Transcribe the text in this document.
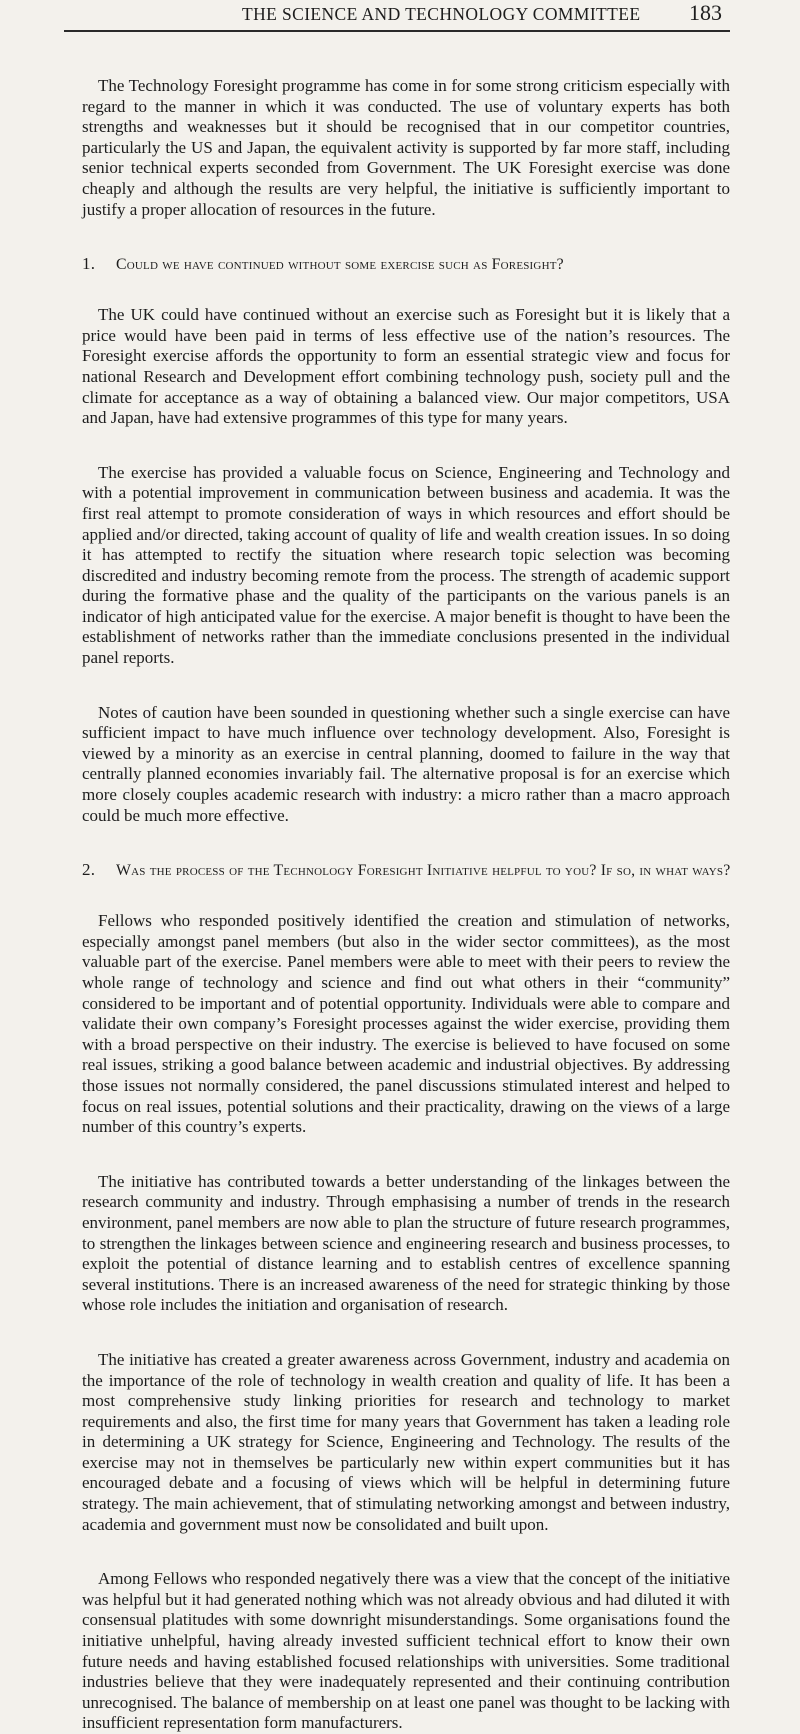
THE SCIENCE AND TECHNOLOGY COMMITTEE 183

The Technology Foresight programme has come in for some strong criticism especially with regard to the manner in which it was conducted. The use of voluntary experts has both strengths and weaknesses but it should be recognised that in our competitor countries, particularly the US and Japan, the equivalent activity is supported by far more staff, including senior technical experts seconded from Government. The UK Foresight exercise was done cheaply and although the results are very helpful, the initiative is sufficiently important to justify a proper allocation of resources in the future.

1. Could we have continued without some exercise such as Foresight?

The UK could have continued without an exercise such as Foresight but it is likely that a price would have been paid in terms of less effective use of the nation’s resources. The Foresight exercise affords the opportunity to form an essential strategic view and focus for national Research and Development effort combining technology push, society pull and the climate for acceptance as a way of obtaining a balanced view. Our major competitors, USA and Japan, have had extensive programmes of this type for many years.

The exercise has provided a valuable focus on Science, Engineering and Technology and with a potential improvement in communication between business and academia. It was the first real attempt to promote consideration of ways in which resources and effort should be applied and/or directed, taking account of quality of life and wealth creation issues. In so doing it has attempted to rectify the situation where research topic selection was becoming discredited and industry becoming remote from the process. The strength of academic support during the formative phase and the quality of the participants on the various panels is an indicator of high anticipated value for the exercise. A major benefit is thought to have been the establishment of networks rather than the immediate conclusions presented in the individual panel reports.

Notes of caution have been sounded in questioning whether such a single exercise can have sufficient impact to have much influence over technology development. Also, Foresight is viewed by a minority as an exercise in central planning, doomed to failure in the way that centrally planned economies invariably fail. The alternative proposal is for an exercise which more closely couples academic research with industry: a micro rather than a macro approach could be much more effective.

2. Was the process of the Technology Foresight Initiative helpful to you? If so, in what ways?

Fellows who responded positively identified the creation and stimulation of networks, especially amongst panel members (but also in the wider sector committees), as the most valuable part of the exercise. Panel members were able to meet with their peers to review the whole range of technology and science and find out what others in their “community” considered to be important and of potential opportunity. Individuals were able to compare and validate their own company’s Foresight processes against the wider exercise, providing them with a broad perspective on their industry. The exercise is believed to have focused on some real issues, striking a good balance between academic and industrial objectives. By addressing those issues not normally considered, the panel discussions stimulated interest and helped to focus on real issues, potential solutions and their practicality, drawing on the views of a large number of this country’s experts.

The initiative has contributed towards a better understanding of the linkages between the research community and industry. Through emphasising a number of trends in the research environment, panel members are now able to plan the structure of future research programmes, to strengthen the linkages between science and engineering research and business processes, to exploit the potential of distance learning and to establish centres of excellence spanning several institutions. There is an increased awareness of the need for strategic thinking by those whose role includes the initiation and organisation of research.

The initiative has created a greater awareness across Government, industry and academia on the importance of the role of technology in wealth creation and quality of life. It has been a most comprehensive study linking priorities for research and technology to market requirements and also, the first time for many years that Government has taken a leading role in determining a UK strategy for Science, Engineering and Technology. The results of the exercise may not in themselves be particularly new within expert communities but it has encouraged debate and a focusing of views which will be helpful in determining future strategy. The main achievement, that of stimulating networking amongst and between industry, academia and government must now be consolidated and built upon.

Among Fellows who responded negatively there was a view that the concept of the initiative was helpful but it had generated nothing which was not already obvious and had diluted it with consensual platitudes with some downright misunderstandings. Some organisations found the initiative unhelpful, having already invested sufficient technical effort to know their own future needs and having established focused relationships with universities. Some traditional industries believe that they were inadequately represented and their continuing contribution unrecognised. The balance of membership on at least one panel was thought to be lacking with insufficient representation form manufacturers.
